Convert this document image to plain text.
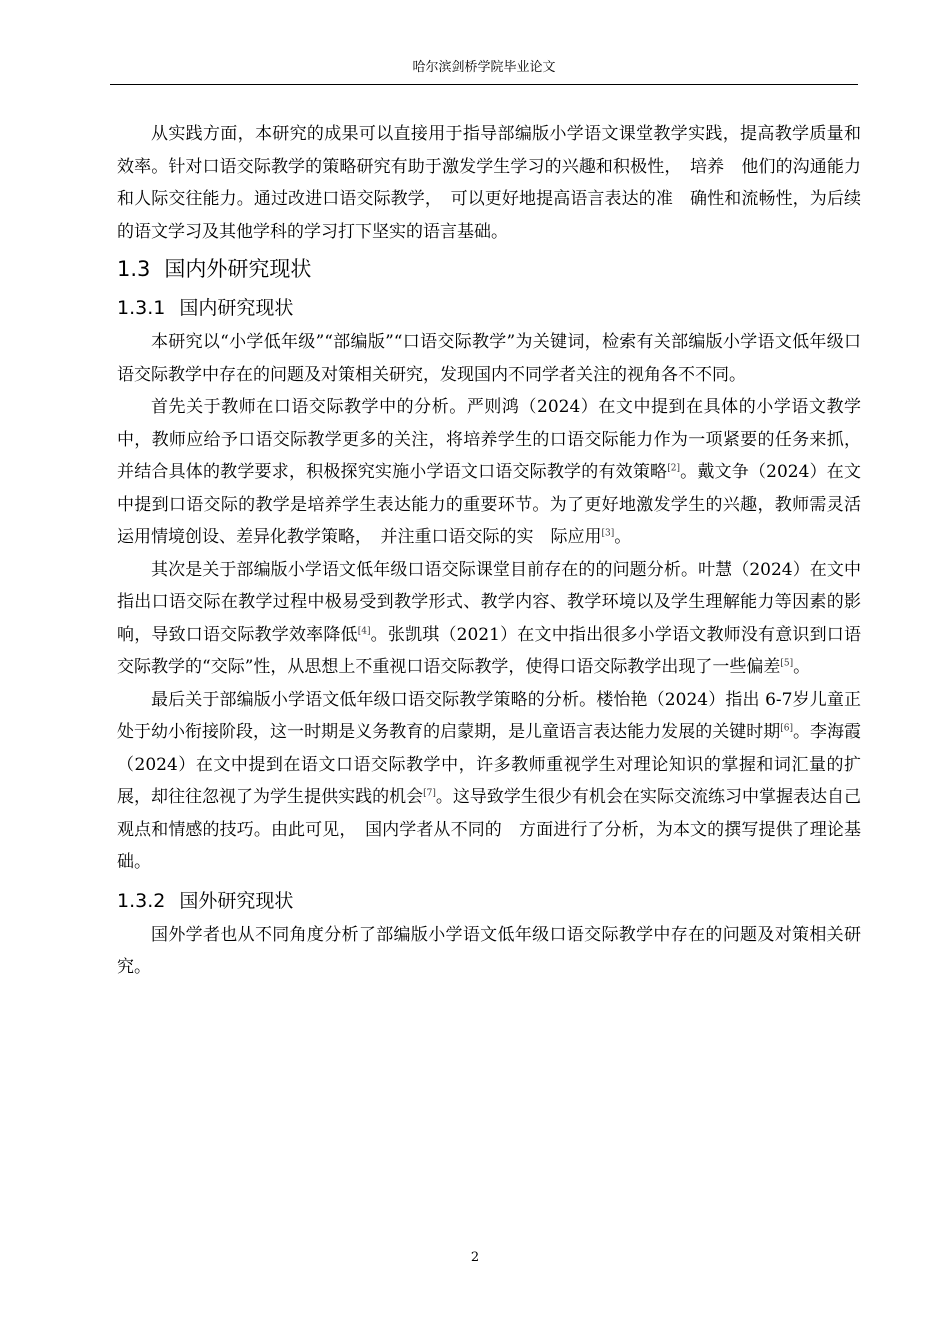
哈尔滨剑桥学院毕业论文

从实践方面，本研究的成果可以直接用于指导部编版小学语文课堂教学实践，提高教学质量和效率。针对口语交际教学的策略研究有助于激发学生学习的兴趣和积极性，　培养　他们的沟通能力和人际交往能力。通过改进口语交际教学，　可以更好地提高语言表达的准　确性和流畅性，为后续的语文学习及其他学科的学习打下坚实的语言基础。

1.3 国内外研究现状
1.3.1 国内研究现状

本研究以“小学低年级”“部编版”“口语交际教学”为关键词，检索有关部编版小学语文低年级口语交际教学中存在的问题及对策相关研究，发现国内不同学者关注的视角各不不同。

首先关于教师在口语交际教学中的分析。严则鸿（2024）在文中提到在具体的小学语文教学中，教师应给予口语交际教学更多的关注，将培养学生的口语交际能力作为一项紧要的任务来抓，并结合具体的教学要求，积极探究实施小学语文口语交际教学的有效策略[2]。戴文争（2024）在文中提到口语交际的教学是培养学生表达能力的重要环节。为了更好地激发学生的兴趣，教师需灵活运用情境创设、差异化教学策略，　并注重口语交际的实　际应用[3]。

其次是关于部编版小学语文低年级口语交际课堂目前存在的的问题分析。叶慧（2024）在文中指出口语交际在教学过程中极易受到教学形式、教学内容、教学环境以及学生理解能力等因素的影响，导致口语交际教学效率降低[4]。张凯琪（2021）在文中指出很多小学语文教师没有意识到口语交际教学的“交际”性，从思想上不重视口语交际教学，使得口语交际教学出现了一些偏差[5]。

最后关于部编版小学语文低年级口语交际教学策略的分析。楼怡艳（2024）指出 6-7岁儿童正处于幼小衔接阶段，这一时期是义务教育的启蒙期，是儿童语言表达能力发展的关键时期[6]。李海霞（2024）在文中提到在语文口语交际教学中，许多教师重视学生对理论知识的掌握和词汇量的扩展，却往往忽视了为学生提供实践的机会[7]。这导致学生很少有机会在实际交流练习中掌握表达自己观点和情感的技巧。由此可见，　国内学者从不同的　方面进行了分析，为本文的撰写提供了理论基础。

1.3.2 国外研究现状

国外学者也从不同角度分析了部编版小学语文低年级口语交际教学中存在的问题及对策相关研究。

2
